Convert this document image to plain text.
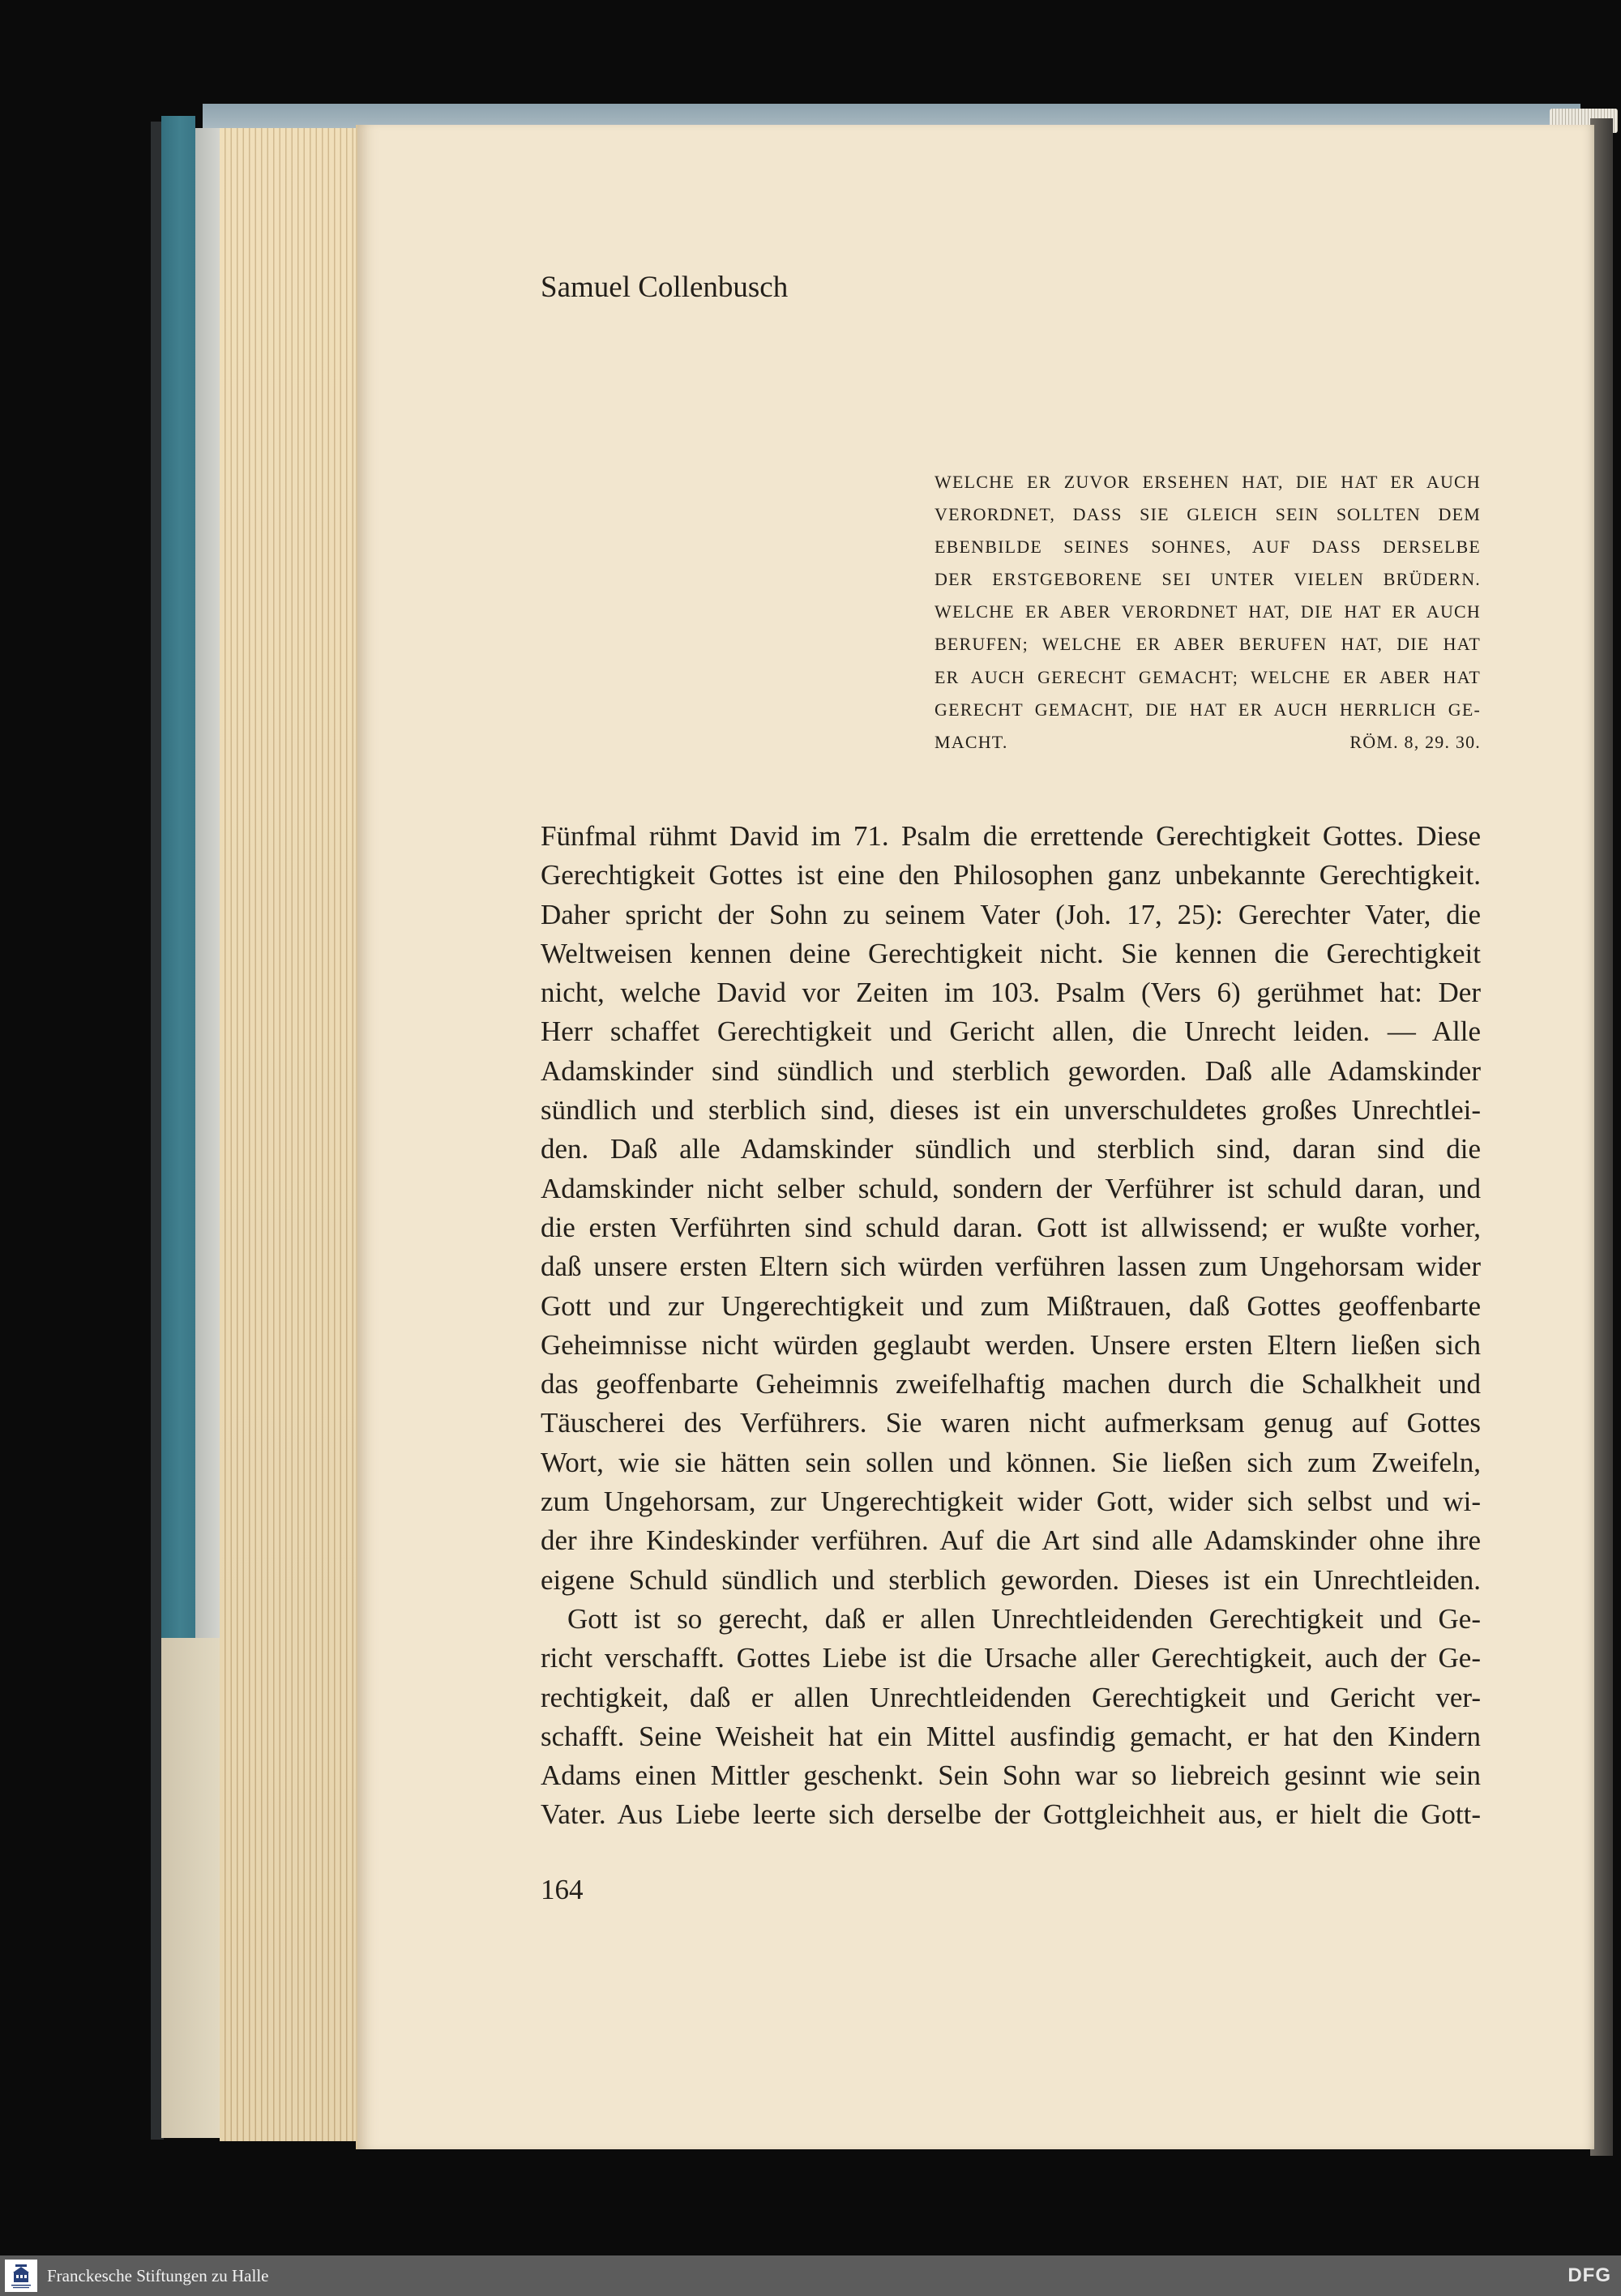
Samuel Collenbusch
WELCHE ER ZUVOR ERSEHEN HAT, DIE HAT ER AUCH
VERORDNET, DASS SIE GLEICH SEIN SOLLTEN DEM
EBENBILDE SEINES SOHNES, AUF DASS DERSELBE
DER ERSTGEBORENE SEI UNTER VIELEN BRÜDERN.
WELCHE ER ABER VERORDNET HAT, DIE HAT ER AUCH
BERUFEN; WELCHE ER ABER BERUFEN HAT, DIE HAT
ER AUCH GERECHT GEMACHT; WELCHE ER ABER HAT
GERECHT GEMACHT, DIE HAT ER AUCH HERRLICH GE-
MACHT.	RÖM. 8, 29. 30.
Fünfmal rühmt David im 71. Psalm die errettende Gerechtigkeit Gottes. Diese
Gerechtigkeit Gottes ist eine den Philosophen ganz unbekannte Gerechtigkeit.
Daher spricht der Sohn zu seinem Vater (Joh. 17, 25): Gerechter Vater, die
Weltweisen kennen deine Gerechtigkeit nicht. Sie kennen die Gerechtigkeit
nicht, welche David vor Zeiten im 103. Psalm (Vers 6) gerühmet hat: Der
Herr schaffet Gerechtigkeit und Gericht allen, die Unrecht leiden. — Alle
Adamskinder sind sündlich und sterblich geworden. Daß alle Adamskinder
sündlich und sterblich sind, dieses ist ein unverschuldetes großes Unrechtlei-
den. Daß alle Adamskinder sündlich und sterblich sind, daran sind die
Adamskinder nicht selber schuld, sondern der Verführer ist schuld daran, und
die ersten Verführten sind schuld daran. Gott ist allwissend; er wußte vorher,
daß unsere ersten Eltern sich würden verführen lassen zum Ungehorsam wider
Gott und zur Ungerechtigkeit und zum Mißtrauen, daß Gottes geoffenbarte
Geheimnisse nicht würden geglaubt werden. Unsere ersten Eltern ließen sich
das geoffenbarte Geheimnis zweifelhaftig machen durch die Schalkheit und
Täuscherei des Verführers. Sie waren nicht aufmerksam genug auf Gottes
Wort, wie sie hätten sein sollen und können. Sie ließen sich zum Zweifeln,
zum Ungehorsam, zur Ungerechtigkeit wider Gott, wider sich selbst und wi-
der ihre Kindeskinder verführen. Auf die Art sind alle Adamskinder ohne ihre
eigene Schuld sündlich und sterblich geworden. Dieses ist ein Unrechtleiden.
Gott ist so gerecht, daß er allen Unrechtleidenden Gerechtigkeit und Ge-
richt verschafft. Gottes Liebe ist die Ursache aller Gerechtigkeit, auch der Ge-
rechtigkeit, daß er allen Unrechtleidenden Gerechtigkeit und Gericht ver-
schafft. Seine Weisheit hat ein Mittel ausfindig gemacht, er hat den Kindern
Adams einen Mittler geschenkt. Sein Sohn war so liebreich gesinnt wie sein
Vater. Aus Liebe leerte sich derselbe der Gottgleichheit aus, er hielt die Gott-
164
Franckesche Stiftungen zu Halle	DFG
